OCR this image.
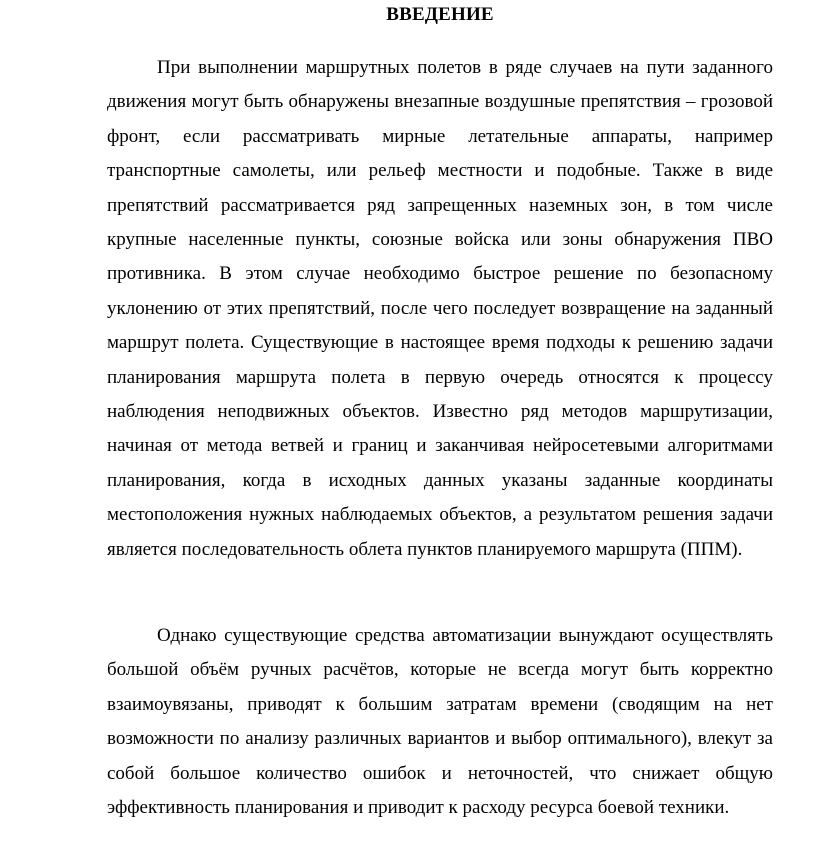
ВВЕДЕНИЕ

При выполнении маршрутных полетов в ряде случаев на пути заданного движения могут быть обнаружены внезапные воздушные препятствия – грозовой фронт, если рассматривать мирные летательные аппараты, например транспортные самолеты, или рельеф местности и подобные. Также в виде препятствий рассматривается ряд запрещенных наземных зон, в том числе крупные населенные пункты, союзные войска или зоны обнаружения ПВО противника. В этом случае необходимо быстрое решение по безопасному уклонению от этих препятствий, после чего последует возвращение на заданный маршрут полета. Существующие в настоящее время подходы к решению задачи планирования маршрута полета в первую очередь относятся к процессу наблюдения неподвижных объектов. Известно ряд методов маршрутизации, начиная от метода ветвей и границ и заканчивая нейросетевыми алгоритмами планирования, когда в исходных данных указаны заданные координаты местоположения нужных наблюдаемых объектов, а результатом решения задачи является последовательность облета пунктов планируемого маршрута (ППМ).

Однако существующие средства автоматизации вынуждают осуществлять большой объём ручных расчётов, которые не всегда могут быть корректно взаимоувязаны, приводят к большим затратам времени (сводящим на нет возможности по анализу различных вариантов и выбор оптимального), влекут за собой большое количество ошибок и неточностей, что снижает общую эффективность планирования и приводит к расходу ресурса боевой техники.
